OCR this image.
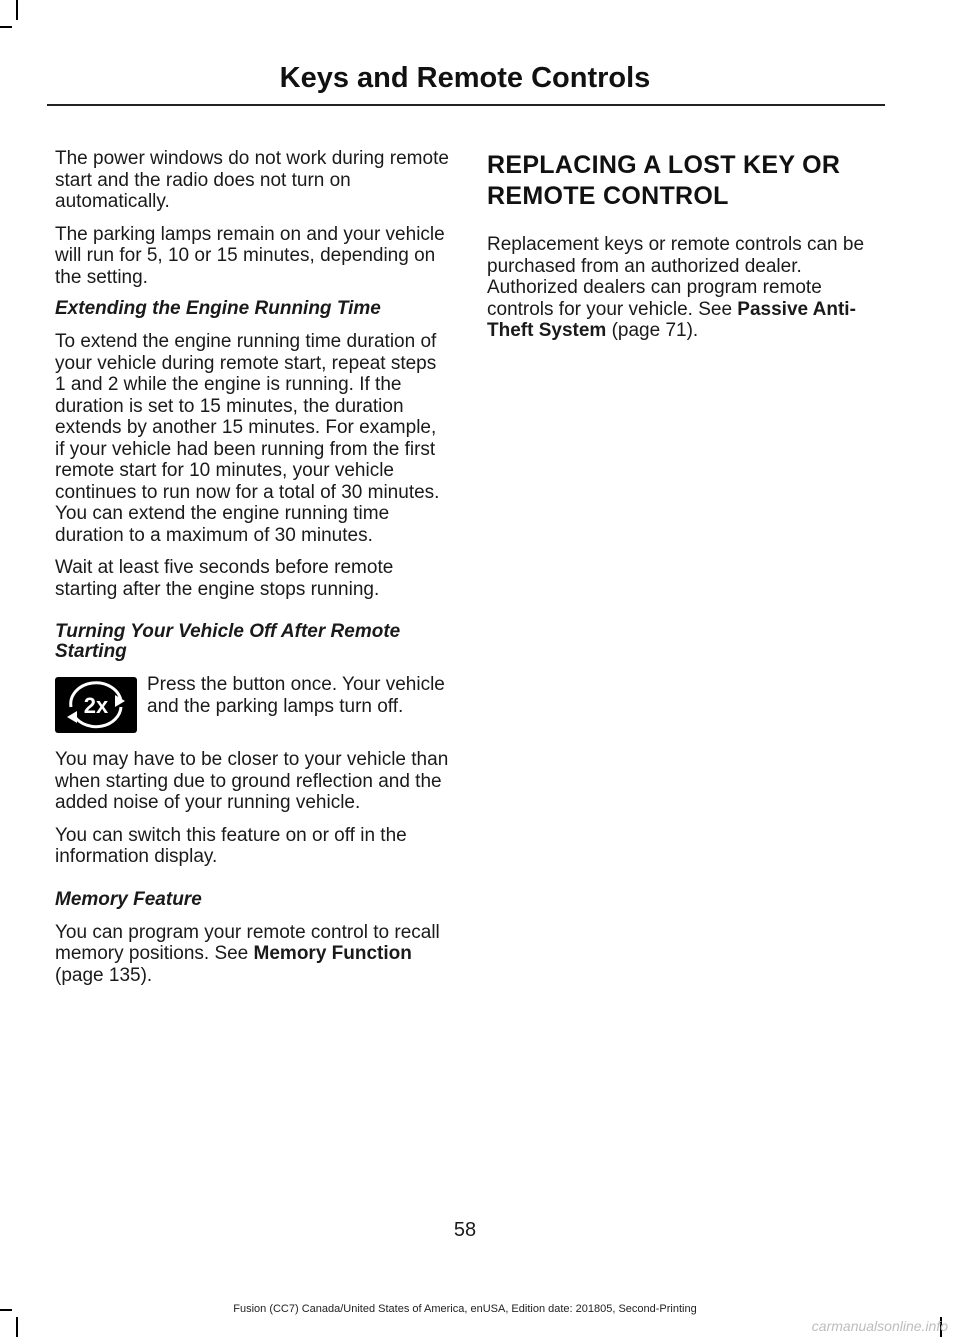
Keys and Remote Controls

The power windows do not work during remote start and the radio does not turn on automatically.

The parking lamps remain on and your vehicle will run for 5, 10 or 15 minutes, depending on the setting.

Extending the Engine Running Time

To extend the engine running time duration of your vehicle during remote start, repeat steps 1 and 2 while the engine is running. If the duration is set to 15 minutes, the duration extends by another 15 minutes. For example, if your vehicle had been running from the first remote start for 10 minutes, your vehicle continues to run now for a total of 30 minutes. You can extend the engine running time duration to a maximum of 30 minutes.

Wait at least five seconds before remote starting after the engine stops running.

Turning Your Vehicle Off After Remote Starting
2x

Press the button once. Your vehicle and the parking lamps turn off.

You may have to be closer to your vehicle than when starting due to ground reflection and the added noise of your running vehicle.

You can switch this feature on or off in the information display.

Memory Feature

You can program your remote control to recall memory positions. See Memory Function (page 135).

REPLACING A LOST KEY OR
REMOTE CONTROL

Replacement keys or remote controls can be purchased from an authorized dealer. Authorized dealers can program remote controls for your vehicle. See Passive Anti-Theft System (page 71).

58
Fusion (CC7) Canada/United States of America, enUSA, Edition date: 201805, Second-Printing
carmanualsonline.info
